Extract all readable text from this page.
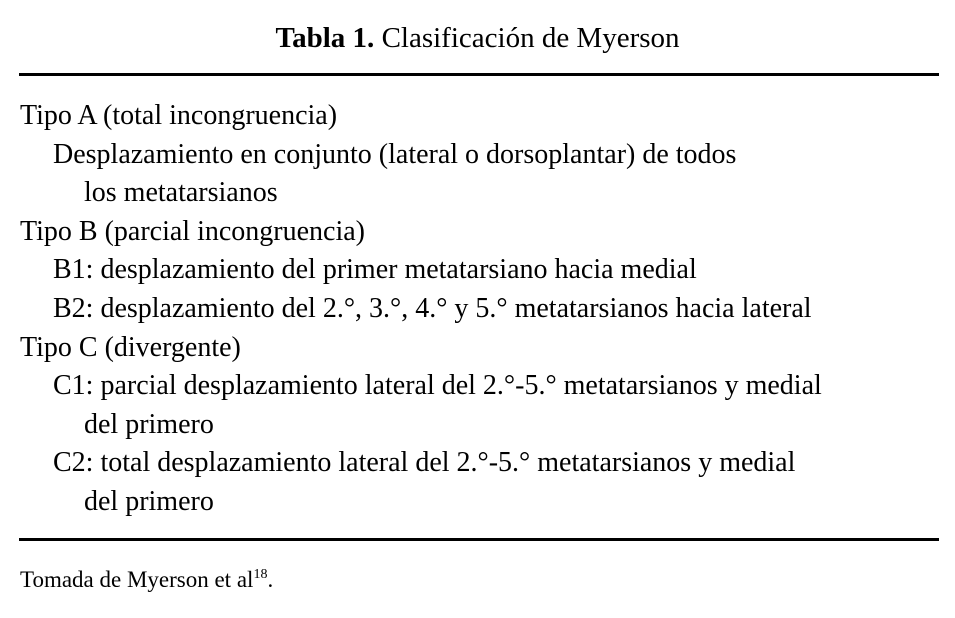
Tabla 1. Clasificación de Myerson
Tipo A (total incongruencia)
Desplazamiento en conjunto (lateral o dorsoplantar) de todos
los metatarsianos
Tipo B (parcial incongruencia)
B1: desplazamiento del primer metatarsiano hacia medial
B2: desplazamiento del 2.°, 3.°, 4.° y 5.° metatarsianos hacia lateral
Tipo C (divergente)
C1: parcial desplazamiento lateral del 2.°-5.° metatarsianos y medial
del primero
C2: total desplazamiento lateral del 2.°-5.° metatarsianos y medial
del primero
Tomada de Myerson et $al^{18}$.
